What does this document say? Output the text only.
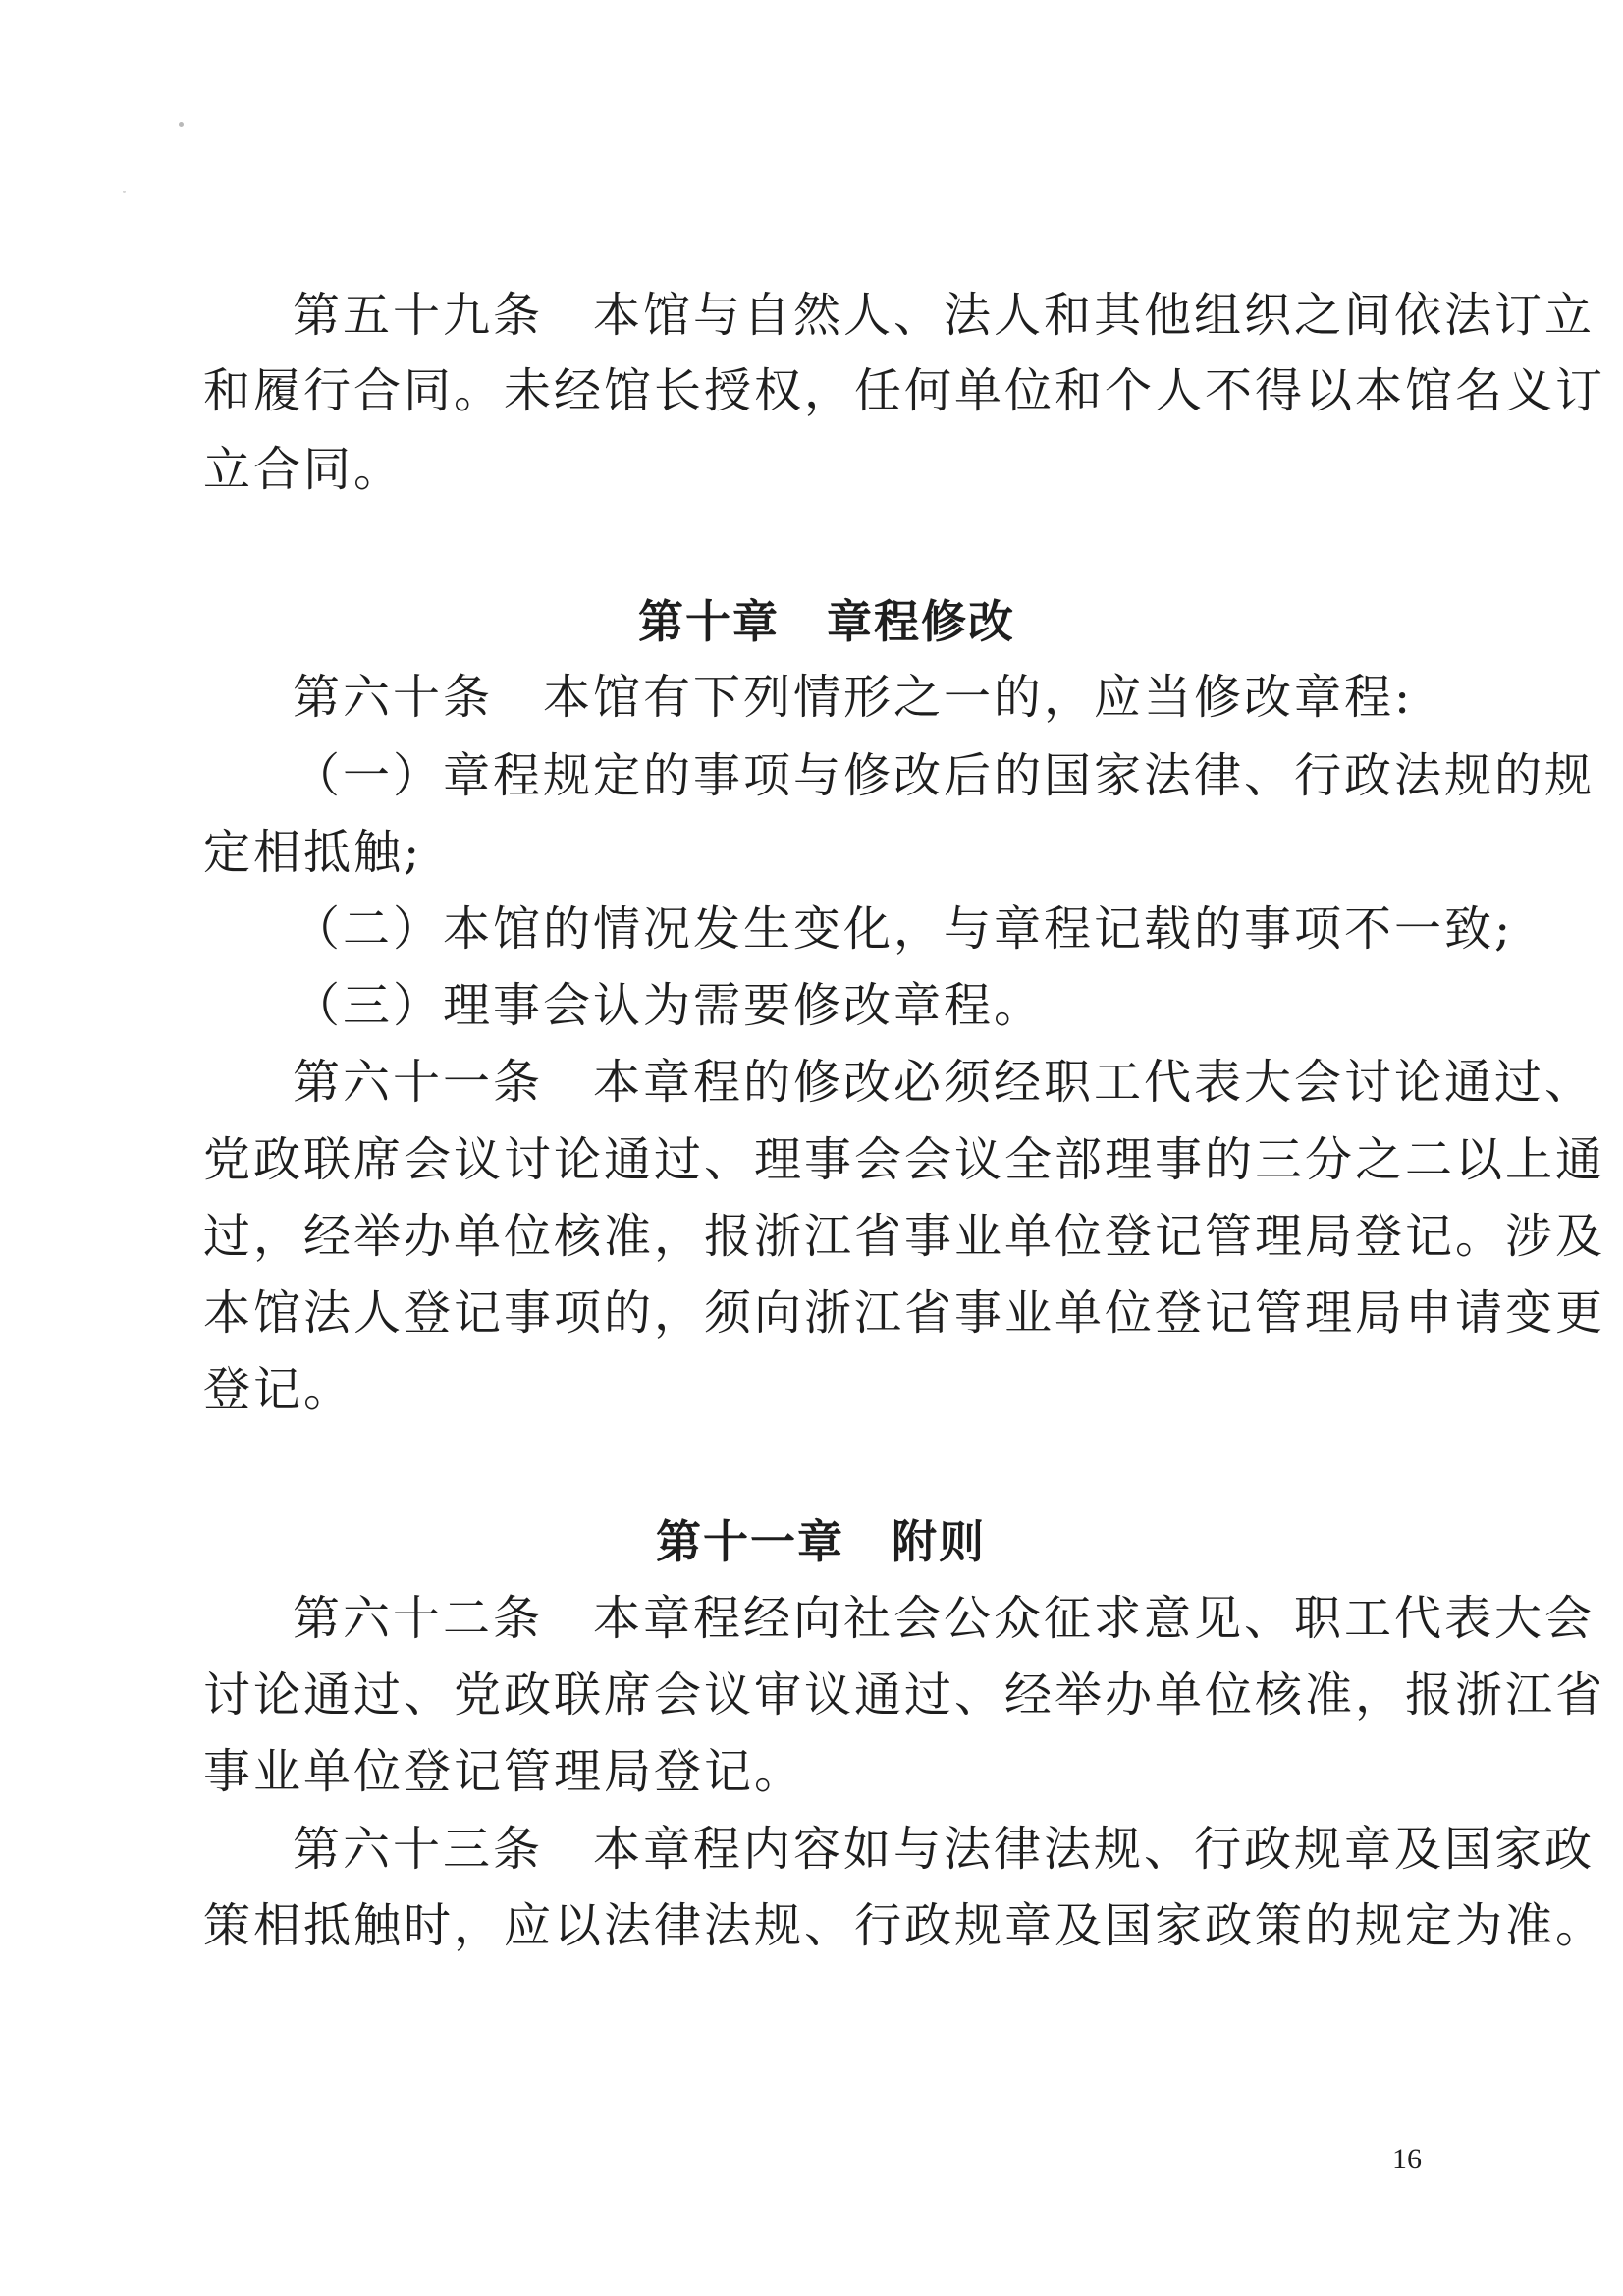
第五十九条　本馆与自然人、法人和其他组织之间依法订立

和履行合同。未经馆长授权，任何单位和个人不得以本馆名义订

立合同。

第十章　章程修改

第六十条　本馆有下列情形之一的，应当修改章程:

（一）章程规定的事项与修改后的国家法律、行政法规的规

定相抵触;

（二）本馆的情况发生变化，与章程记载的事项不一致;

（三）理事会认为需要修改章程。

第六十一条　本章程的修改必须经职工代表大会讨论通过、

党政联席会议讨论通过、理事会会议全部理事的三分之二以上通

过，经举办单位核准，报浙江省事业单位登记管理局登记。涉及

本馆法人登记事项的，须向浙江省事业单位登记管理局申请变更

登记。

第十一章　附则

第六十二条　本章程经向社会公众征求意见、职工代表大会

讨论通过、党政联席会议审议通过、经举办单位核准，报浙江省

事业单位登记管理局登记。

第六十三条　本章程内容如与法律法规、行政规章及国家政

策相抵触时，应以法律法规、行政规章及国家政策的规定为准。

16
